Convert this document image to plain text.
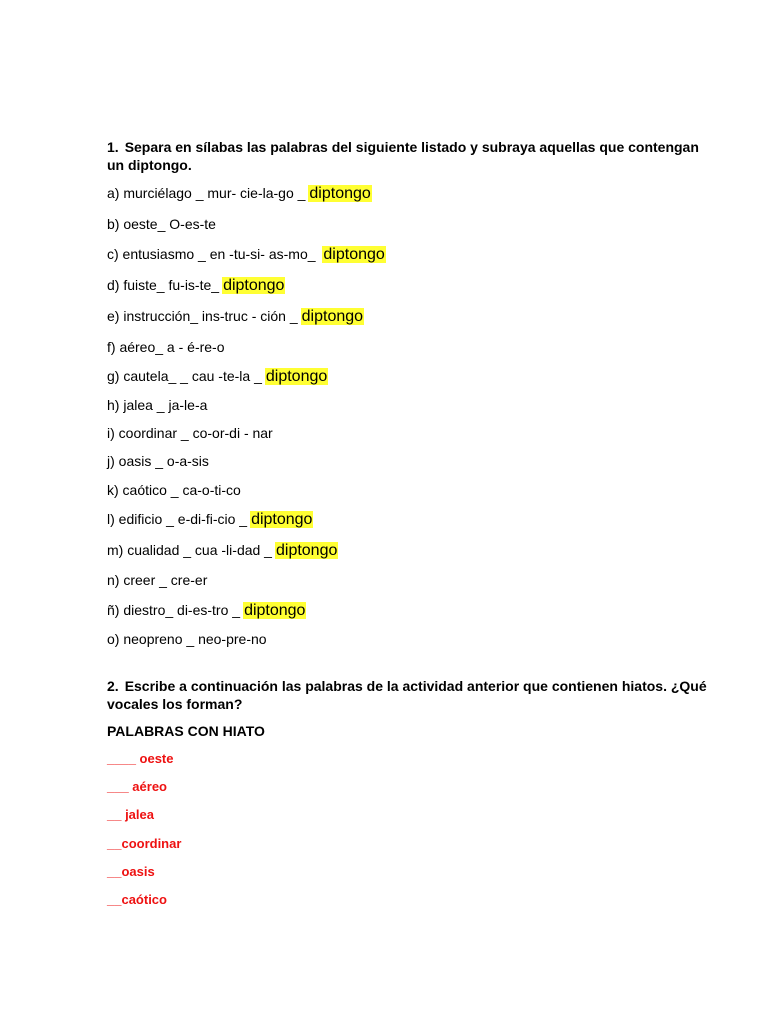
1. Separa en sílabas las palabras del siguiente listado y subraya aquellas que contengan un diptongo.
a) murciélago _ mur- cie-la-go _ diptongo
b) oeste_ O-es-te
c) entusiasmo _ en -tu-si- as-mo_ diptongo
d) fuiste_ fu-is-te_ diptongo
e) instrucción_ ins-truc - ción _ diptongo
f) aéreo_ a - é-re-o
g) cautela_ _ cau -te-la _ diptongo
h) jalea _ ja-le-a
i) coordinar _ co-or-di - nar
j) oasis _ o-a-sis
k) caótico _ ca-o-ti-co
l) edificio _ e-di-fi-cio _ diptongo
m) cualidad _ cua -li-dad _ diptongo
n) creer _ cre-er
ñ) diestro_ di-es-tro _ diptongo
o) neopreno _ neo-pre-no
2. Escribe a continuación las palabras de la actividad anterior que contienen hiatos. ¿Qué vocales los forman?
PALABRAS CON HIATO
____ oeste
___ aéreo
__ jalea
__coordinar
__oasis
__caótico
